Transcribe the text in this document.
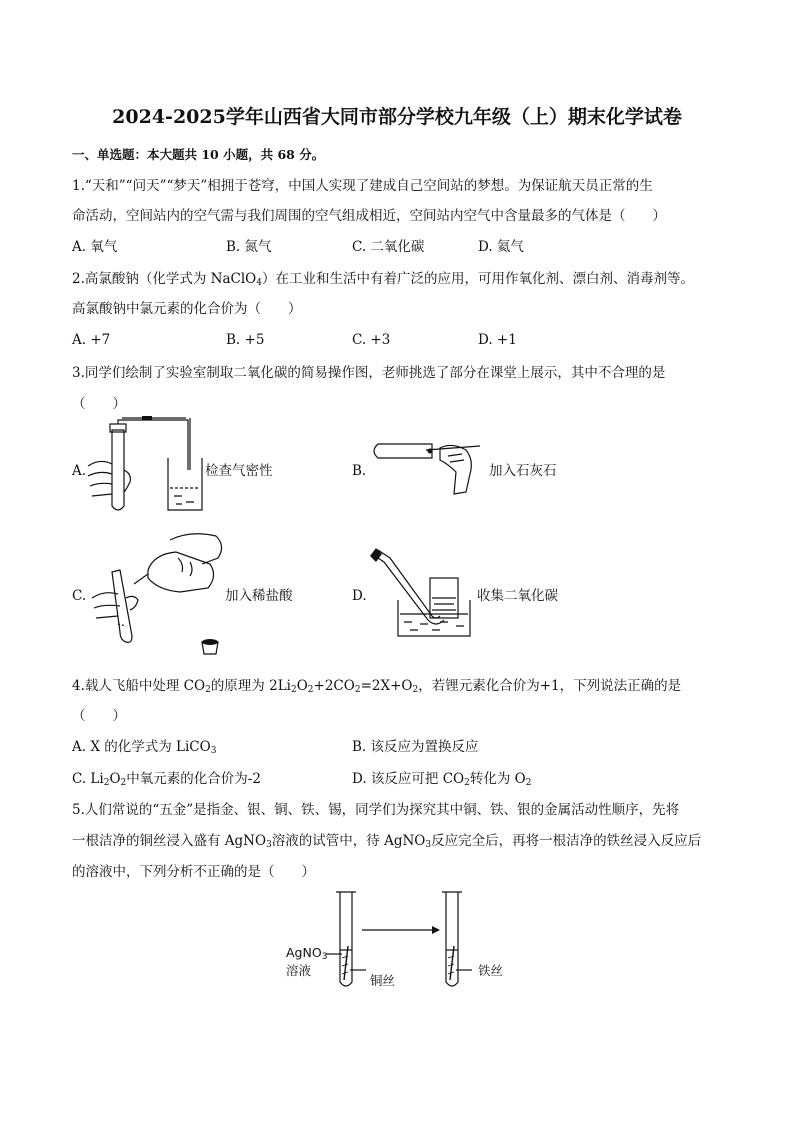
2024-2025学年山西省大同市部分学校九年级（上）期末化学试卷
一、单选题：本大题共 10 小题，共 68 分。
1.“天和”“问天”“梦天”相拥于苍穹，中国人实现了建成自己空间站的梦想。为保证航天员正常的生
命活动，空间站内的空气需与我们周围的空气组成相近，空间站内空气中含量最多的气体是（　　）
A. 氧气	B. 氮气	C. 二氧化碳	D. 氦气
2.高氯酸钠（化学式为 NaClO$_4$）在工业和生活中有着广泛的应用，可用作氧化剂、漂白剂、消毒剂等。
高氯酸钠中氯元素的化合价为（　　）
A. +7	B. +5	C. +3	D. +1
3.同学们绘制了实验室制取二氧化碳的简易操作图，老师挑选了部分在课堂上展示，其中不合理的是
（　　）
A.	检查气密性	B.	加入石灰石
C.	加入稀盐酸	D.	收集二氧化碳
4.载人飞船中处理 $CO_2$的原理为 $2Li_2O_2+2CO_2=2X+O_2$，若锂元素化合价为+1，下列说法正确的是
（　　）
A. X 的化学式为 LiCO$_3$	B. 该反应为置换反应
C. $Li_2O_2$中氧元素的化合价为-2	D. 该反应可把 $CO_2$转化为 $O_2$
5.人们常说的“五金”是指金、银、铜、铁、锡，同学们为探究其中铜、铁、银的金属活动性顺序，先将
一根洁净的铜丝浸入盛有 AgNO$_3$溶液的试管中，待 AgNO$_3$反应完全后，再将一根洁净的铁丝浸入反应后
的溶液中，下列分析不正确的是（　　）
AgNO$_3$
溶液
铜丝
铁丝
